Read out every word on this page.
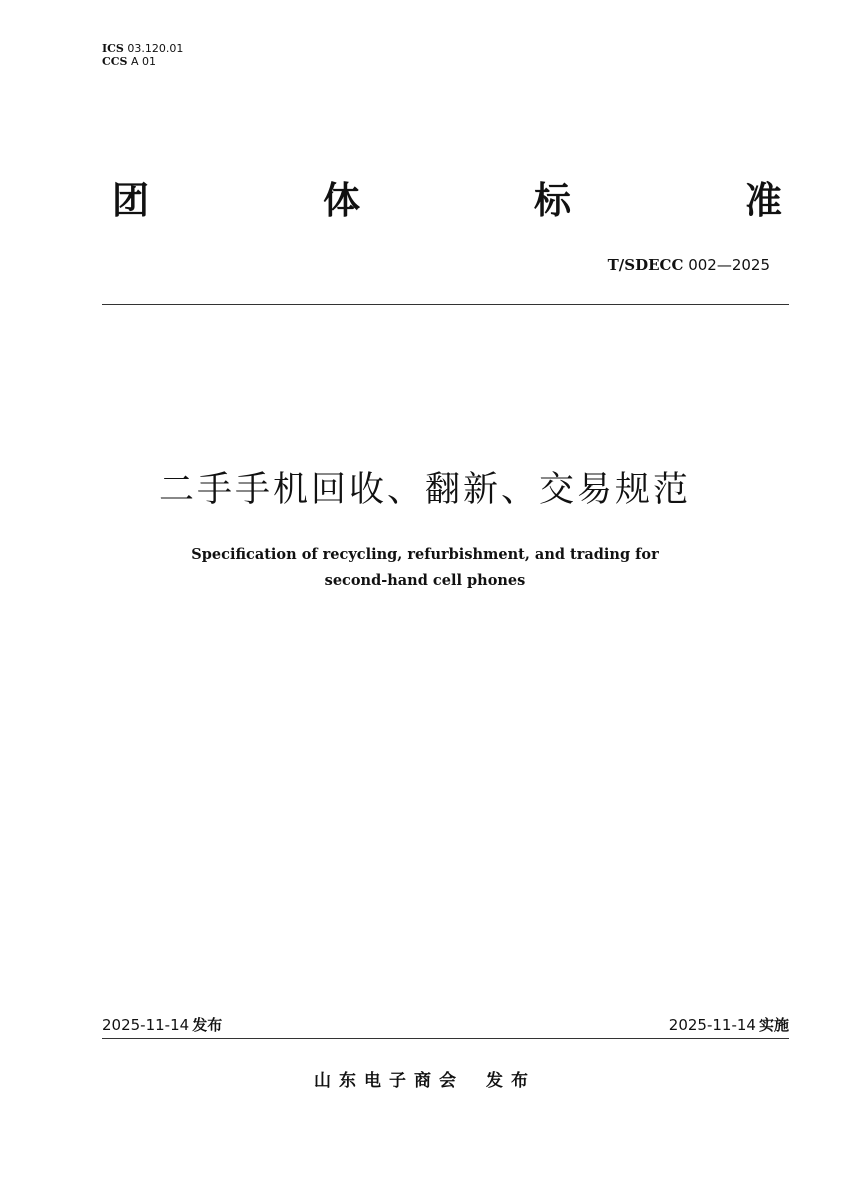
ICS 03.120.01
CCS A 01
团	体	标	准
T/SDECC 002—2025
二手手机回收、翻新、交易规范
Specification of recycling, refurbishment, and trading for
second-hand cell phones
2025-11-14 发布	2025-11-14 实施
山东电子商会 发布
